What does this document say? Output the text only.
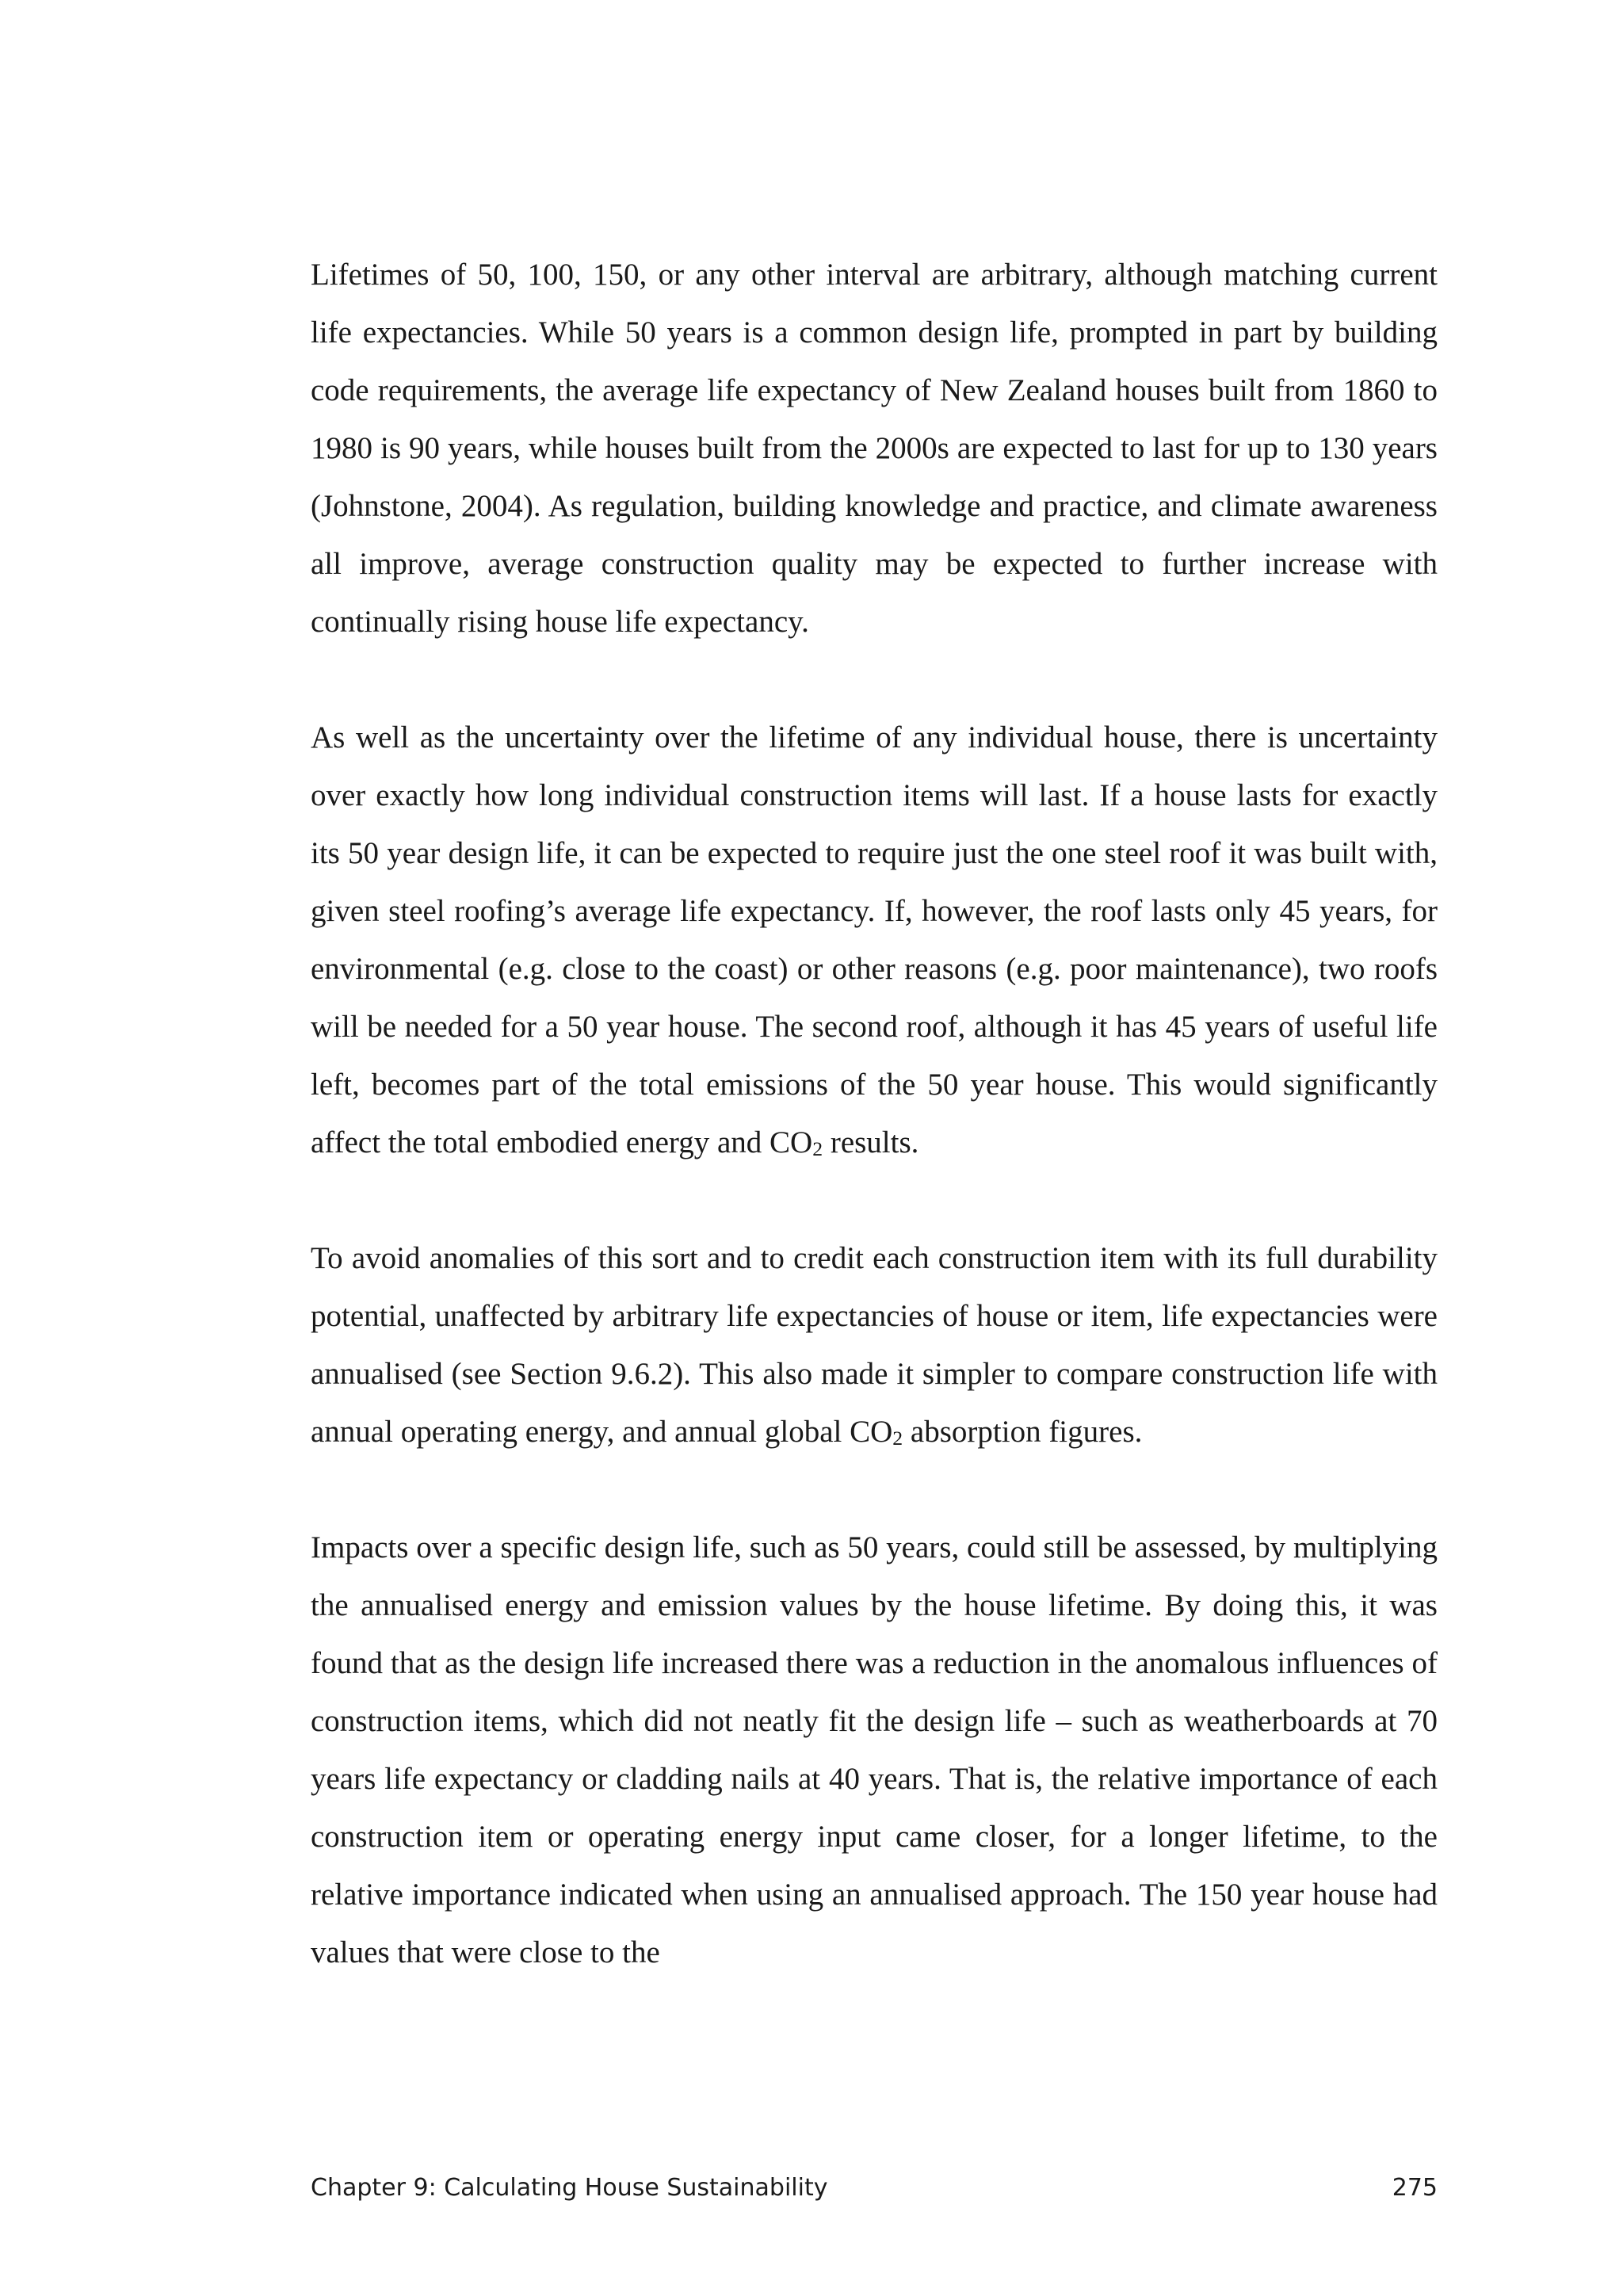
Lifetimes of 50, 100, 150, or any other interval are arbitrary, although matching current life expectancies. While 50 years is a common design life, prompted in part by building code requirements, the average life expectancy of New Zealand houses built from 1860 to 1980 is 90 years, while houses built from the 2000s are expected to last for up to 130 years (Johnstone, 2004). As regulation, building knowledge and practice, and climate awareness all improve, average construction quality may be expected to further increase with continually rising house life expectancy.

As well as the uncertainty over the lifetime of any individual house, there is uncertainty over exactly how long individual construction items will last. If a house lasts for exactly its 50 year design life, it can be expected to require just the one steel roof it was built with, given steel roofing’s average life expectancy. If, however, the roof lasts only 45 years, for environmental (e.g. close to the coast) or other reasons (e.g. poor maintenance), two roofs will be needed for a 50 year house. The second roof, although it has 45 years of useful life left, becomes part of the total emissions of the 50 year house. This would significantly affect the total embodied energy and $CO_2$ results.

To avoid anomalies of this sort and to credit each construction item with its full durability potential, unaffected by arbitrary life expectancies of house or item, life expectancies were annualised (see Section 9.6.2). This also made it simpler to compare construction life with annual operating energy, and annual global $CO_2$ absorption figures.

Impacts over a specific design life, such as 50 years, could still be assessed, by multiplying the annualised energy and emission values by the house lifetime. By doing this, it was found that as the design life increased there was a reduction in the anomalous influences of construction items, which did not neatly fit the design life – such as weatherboards at 70 years life expectancy or cladding nails at 40 years. That is, the relative importance of each construction item or operating energy input came closer, for a longer lifetime, to the relative importance indicated when using an annualised approach. The 150 year house had values that were close to the

Chapter 9: Calculating House Sustainability	275
